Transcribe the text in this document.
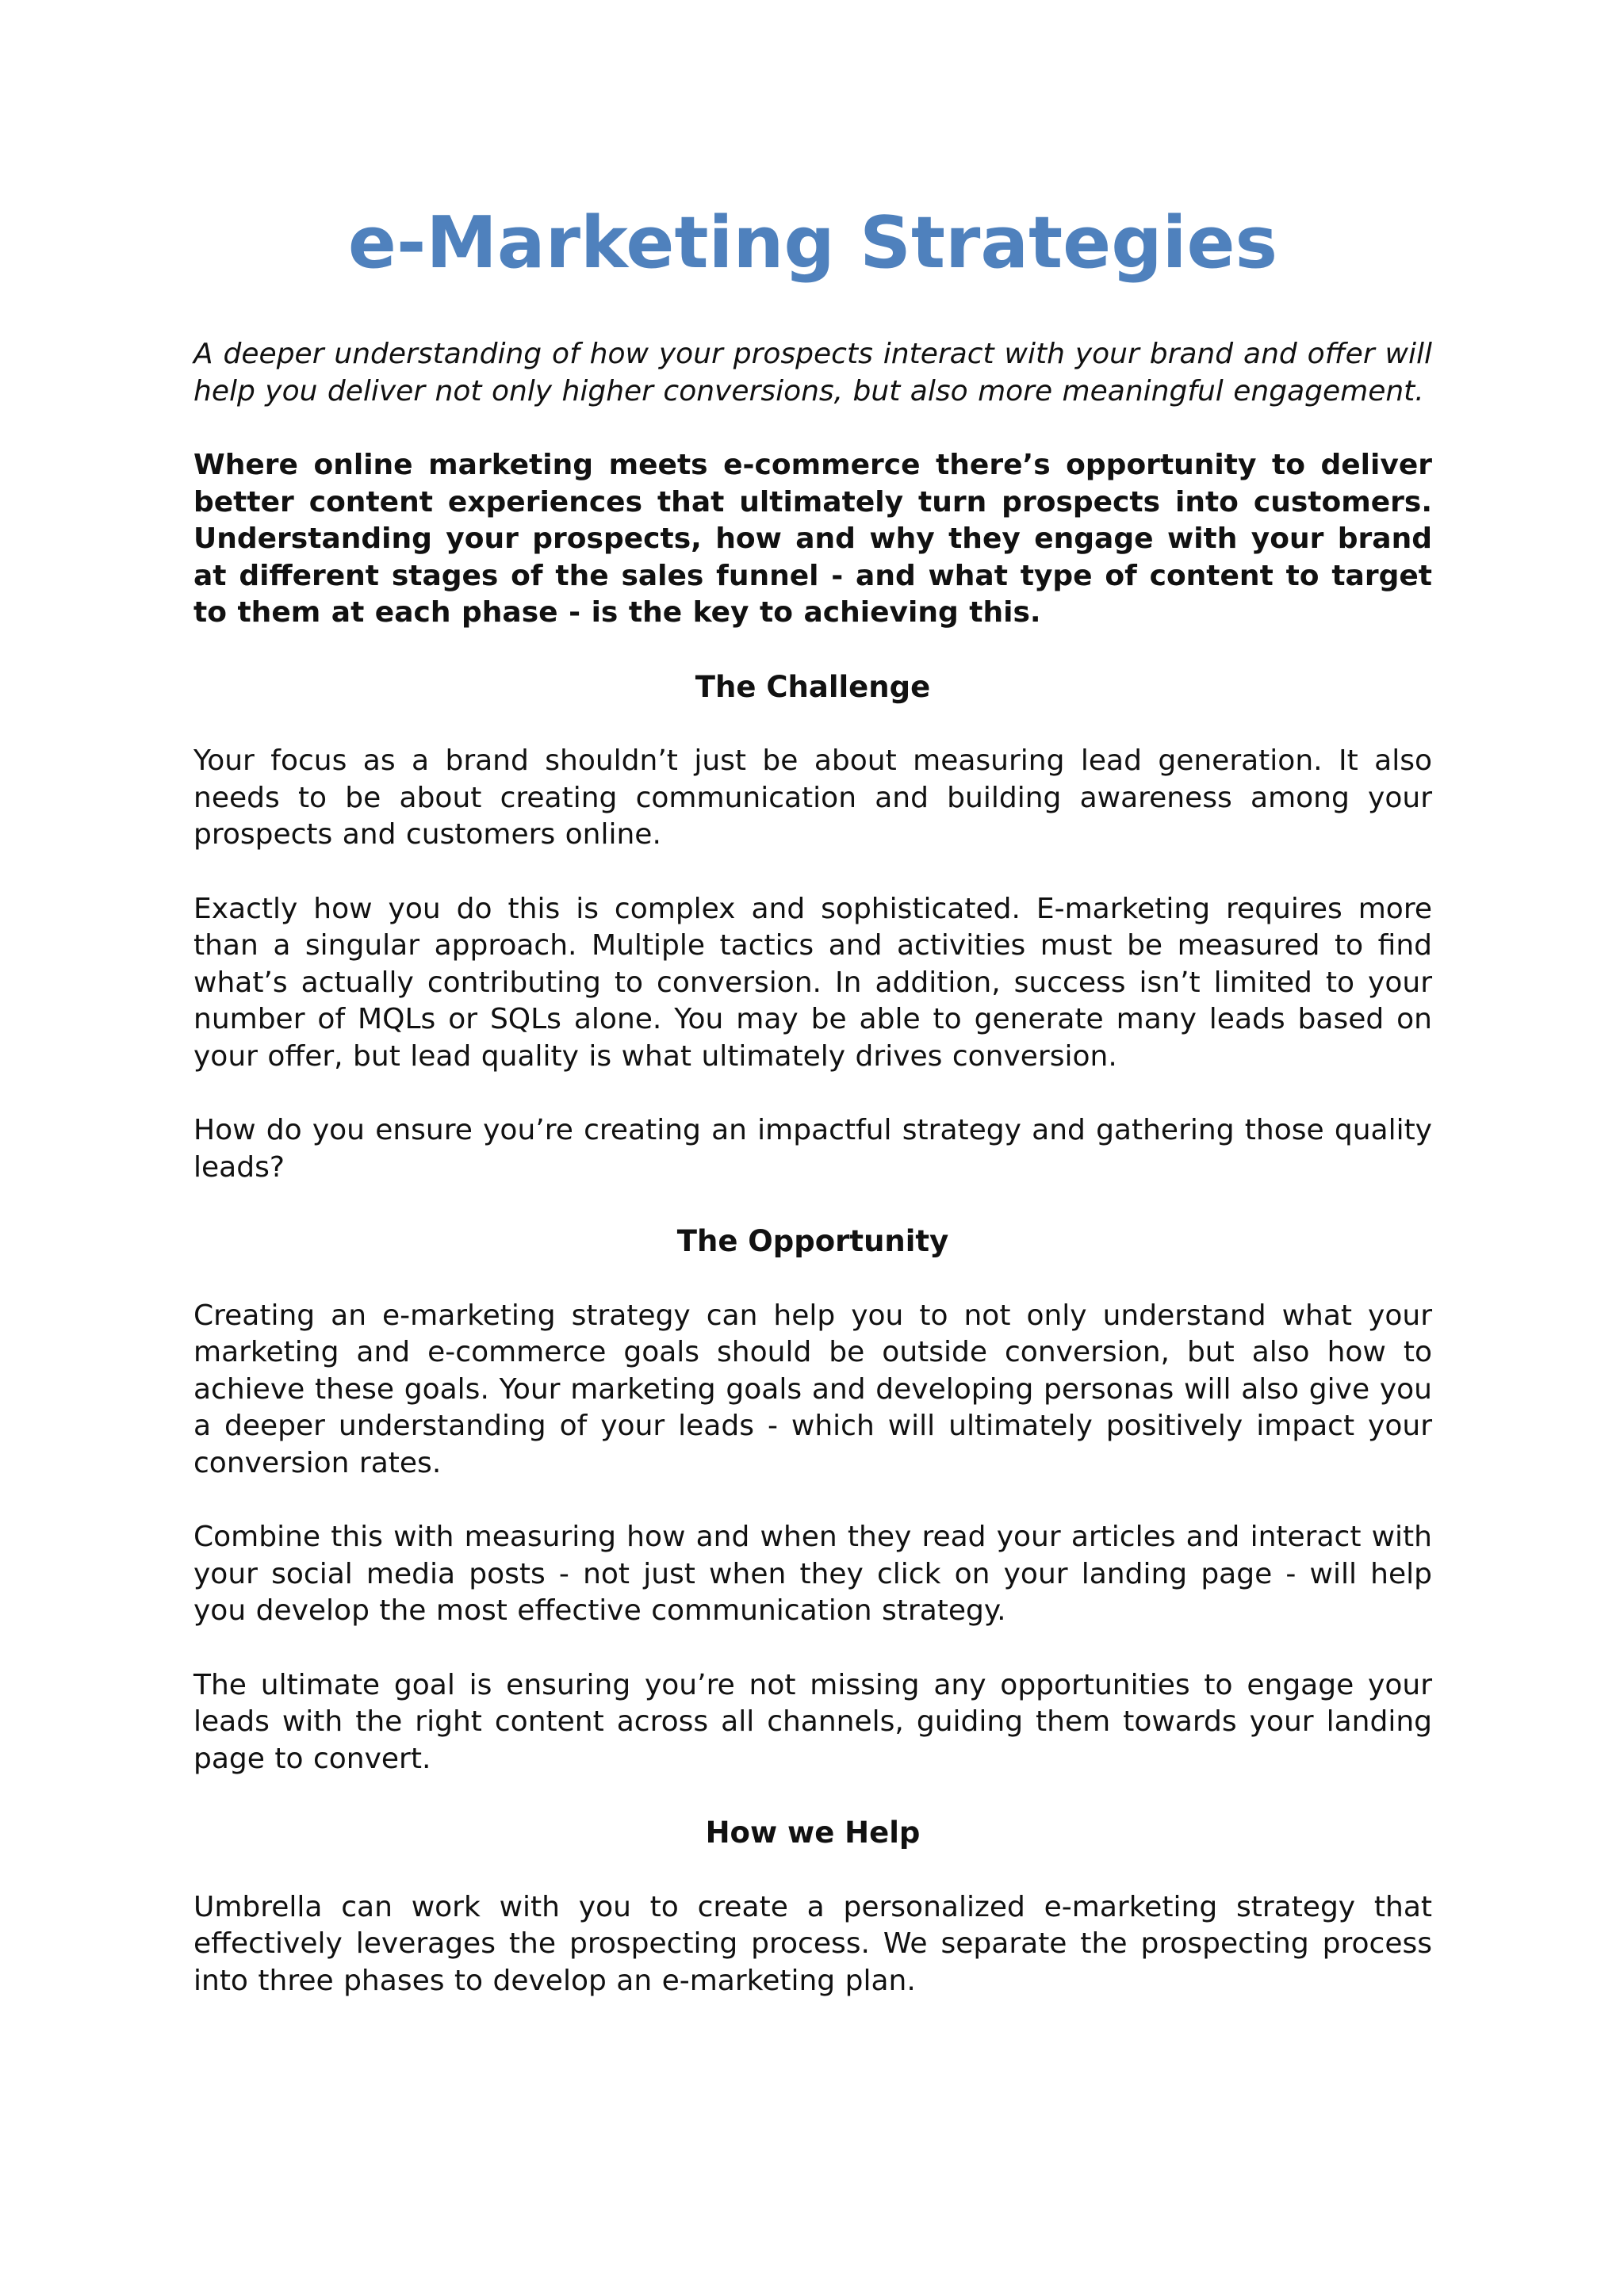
e-Marketing Strategies

A deeper understanding of how your prospects interact with your brand and offer will help you deliver not only higher conversions, but also more meaningful engagement.

Where online marketing meets e-commerce there’s opportunity to deliver better content experiences that ultimately turn prospects into customers. Understanding your prospects, how and why they engage with your brand at different stages of the sales funnel - and what type of content to target to them at each phase - is the key to achieving this.

The Challenge

Your focus as a brand shouldn’t just be about measuring lead generation. It also needs to be about creating communication and building awareness among your prospects and customers online.

Exactly how you do this is complex and sophisticated. E-marketing requires more than a singular approach. Multiple tactics and activities must be measured to find what’s actually contributing to conversion. In addition, success isn’t limited to your number of MQLs or SQLs alone. You may be able to generate many leads based on your offer, but lead quality is what ultimately drives conversion.

How do you ensure you’re creating an impactful strategy and gathering those quality leads?

The Opportunity

Creating an e-marketing strategy can help you to not only understand what your marketing and e-commerce goals should be outside conversion, but also how to achieve these goals. Your marketing goals and developing personas will also give you a deeper understanding of your leads - which will ultimately positively impact your conversion rates.

Combine this with measuring how and when they read your articles and interact with your social media posts - not just when they click on your landing page - will help you develop the most effective communication strategy.

The ultimate goal is ensuring you’re not missing any opportunities to engage your leads with the right content across all channels, guiding them towards your landing page to convert.

How we Help

Umbrella can work with you to create a personalized e-marketing strategy that effectively leverages the prospecting process. We separate the prospecting process into three phases to develop an e-marketing plan.
